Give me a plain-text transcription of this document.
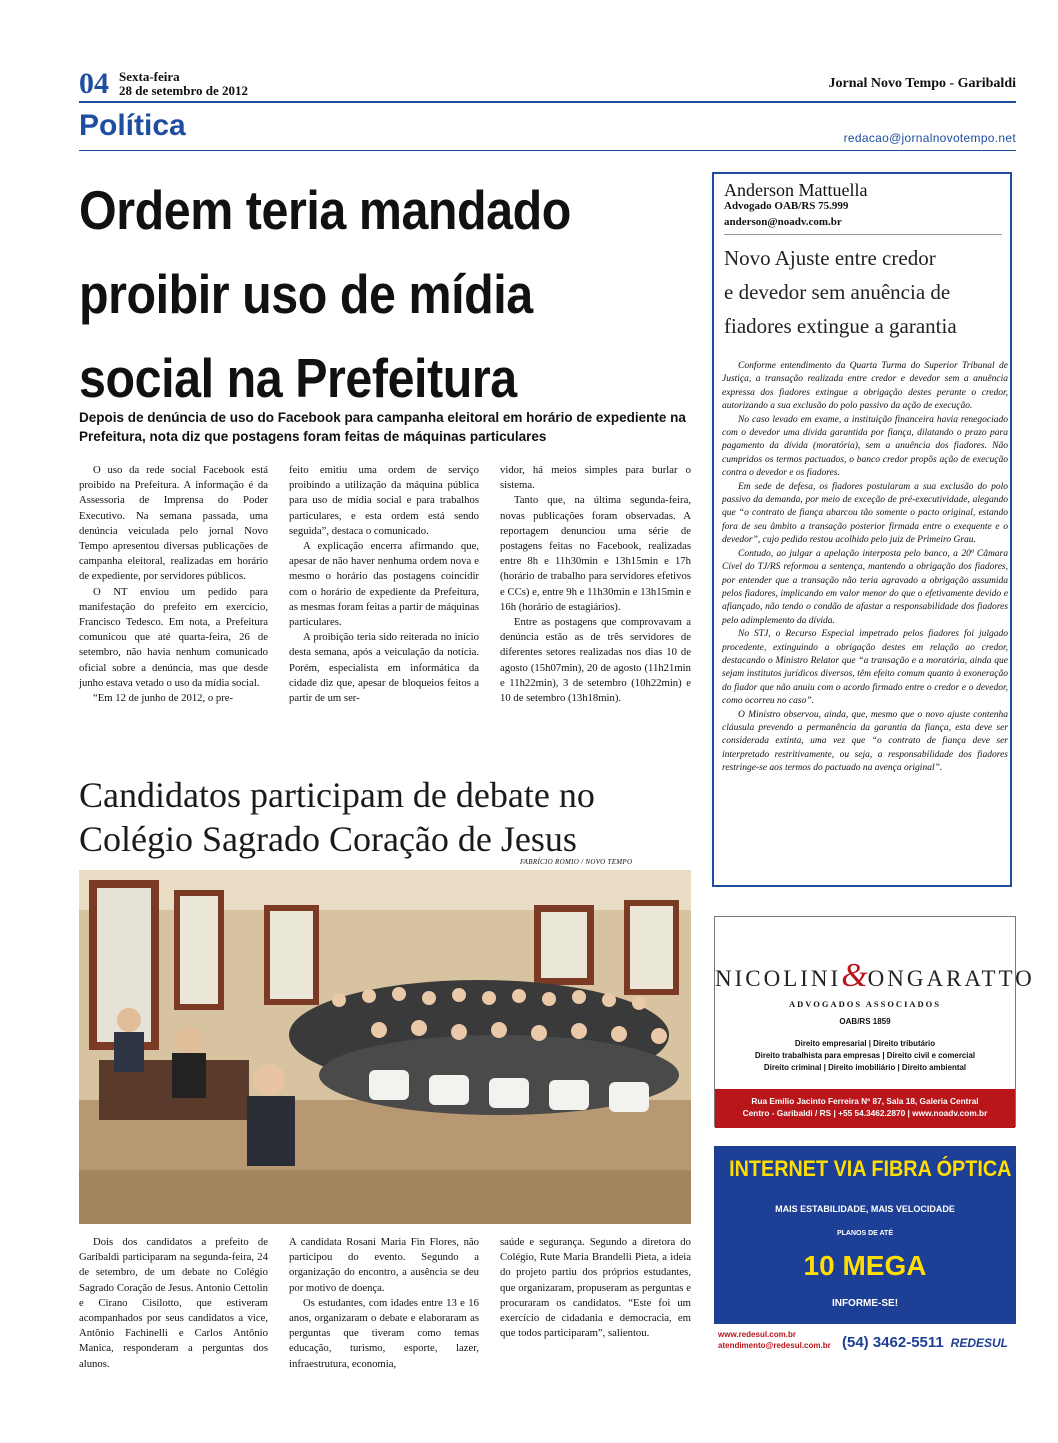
04 Sexta-feira
28 de setembro de 2012	Jornal Novo Tempo - Garibaldi
Política	redacao@jornalnovotempo.net
Ordem teria mandado
proibir uso de mídia
social na Prefeitura
Depois de denúncia de uso do Facebook para campanha eleitoral em horário de expediente na Prefeitura, nota diz que postagens foram feitas de máquinas particulares

O uso da rede social Facebook está proibido na Prefeitura. A informação é da Assessoria de Imprensa do Poder Executivo. Na semana passada, uma denúncia veiculada pelo jornal Novo Tempo apresentou diversas publicações de campanha eleitoral, realizadas em horário de expediente, por servidores públicos.

O NT enviou um pedido para manifestação do prefeito em exercício, Francisco Tedesco. Em nota, a Prefeitura comunicou que até quarta-feira, 26 de setembro, não havia nenhum comunicado oficial sobre a denúncia, mas que desde junho estava vetado o uso da mídia social.

“Em 12 de junho de 2012, o pre-

feito emitiu uma ordem de serviço proibindo a utilização da máquina pública para uso de mídia social e para trabalhos particulares, e esta ordem está sendo seguida”, destaca o comunicado.

A explicação encerra afirmando que, apesar de não haver nenhuma ordem nova e mesmo o horário das postagens coincidir com o horário de expediente da Prefeitura, as mesmas foram feitas a partir de máquinas particulares.

A proibição teria sido reiterada no início desta semana, após a veiculação da notícia. Porém, especialista em informática da cidade diz que, apesar de bloqueios feitos a partir de um ser-

vidor, há meios simples para burlar o sistema.

Tanto que, na última segunda-feira, novas publicações foram observadas. A reportagem denunciou uma série de postagens feitas no Facebook, realizadas entre 8h e 11h30min e 13h15min e 17h (horário de trabalho para servidores efetivos e CCs) e, entre 9h e 11h30min e 13h15min e 16h (horário de estagiários).

Entre as postagens que comprovavam a denúncia estão as de três servidores de diferentes setores realizadas nos dias 10 de agosto (15h07min), 20 de agosto (11h21min e 11h22min), 3 de setembro (10h22min) e 10 de setembro (13h18min).

Candidatos participam de debate no
Colégio Sagrado Coração de Jesus
FABRÍCIO ROMIO / NOVO TEMPO

Dois dos candidatos a prefeito de Garibaldi participaram na segunda-feira, 24 de setembro, de um debate no Colégio Sagrado Coração de Jesus. Antonio Cettolin e Cirano Cisilotto, que estiveram acompanhados por seus candidatos a vice, Antônio Fachinelli e Carlos Antônio Manica, responderam a perguntas dos alunos.

A candidata Rosani Maria Fin Flores, não participou do evento. Segundo a organização do encontro, a ausência se deu por motivo de doença.

Os estudantes, com idades entre 13 e 16 anos, organizaram o debate e elaboraram as perguntas que tiveram como temas educação, turismo, esporte, lazer, infraestrutura, economia,

saúde e segurança. Segundo a diretora do Colégio, Rute Maria Brandelli Pieta, a ideia do projeto partiu dos próprios estudantes, que organizaram, propuseram as perguntas e procuraram os candidatos. “Este foi um exercício de cidadania e democracia, em que todos participaram”, salientou.

Anderson Mattuella
Advogado OAB/RS 75.999
anderson@noadv.com.br
Novo Ajuste entre credor
e devedor sem anuência de
fiadores extingue a garantia

Conforme entendimento da Quarta Turma do Superior Tribunal de Justiça, a transação realizada entre credor e devedor sem a anuência expressa dos fiadores extingue a obrigação destes perante o credor, autorizando a sua exclusão do polo passivo da ação de execução.

No caso levado em exame, a instituição financeira havia renegociado com o devedor uma dívida garantida por fiança, dilatando o prazo para pagamento da dívida (moratória), sem a anuência dos fiadores. Não cumpridos os termos pactuados, o banco credor propôs ação de execução contra o devedor e os fiadores.

Em sede de defesa, os fiadores postularam a sua exclusão do polo passivo da demanda, por meio de exceção de pré-executividade, alegando que “o contrato de fiança abarcou tão somente o pacto original, estando fora de seu âmbito a transação posterior firmada entre o exequente e o devedor”, cujo pedido restou acolhido pelo juiz de Primeiro Grau.

Contudo, ao julgar a apelação interposta pelo banco, a 20ª Câmara Cível do TJ/RS reformou a sentença, mantendo a obrigação dos fiadores, por entender que a transação não teria agravado a obrigação assumida pelos fiadores, implicando em valor menor do que o efetivamente devido e afiançado, não tendo o condão de afastar a responsabilidade dos fiadores pelo adimplemento da dívida.

No STJ, o Recurso Especial impetrado pelos fiadores foi julgado procedente, extinguindo a obrigação destes em relação ao credor, destacando o Ministro Relator que “a transação e a moratória, ainda que sejam institutos jurídicos diversos, têm efeito comum quanto à exoneração do fiador que não anuiu com o acordo firmado entre o credor e o devedor, como ocorreu no caso”.

O Ministro observou, ainda, que, mesmo que o novo ajuste contenha cláusula prevendo a permanência da garantia da fiança, esta deve ser considerada extinta, uma vez que “o contrato de fiança deve ser interpretado restritivamente, ou seja, a responsabilidade dos fiadores restringe-se aos termos do pactuado na avença original”.

NICOLINI&ONGARATTO
ADVOGADOS ASSOCIADOS
OAB/RS 1859
Direito empresarial | Direito tributário
Direito trabalhista para empresas | Direito civil e comercial
Direito criminal | Direito imobiliário | Direito ambiental
Rua Emílio Jacinto Ferreira Nº 87, Sala 18, Galeria Central
Centro - Garibaldi / RS | +55 54.3462.2870 | www.noadv.com.br
INTERNET VIA FIBRA ÓPTICA
MAIS ESTABILIDADE, MAIS VELOCIDADE
PLANOS DE ATÉ
10 MEGA
INFORME-SE!
www.redesul.com.br
atendimento@redesul.com.br (54) 3462-5511 REDESUL
